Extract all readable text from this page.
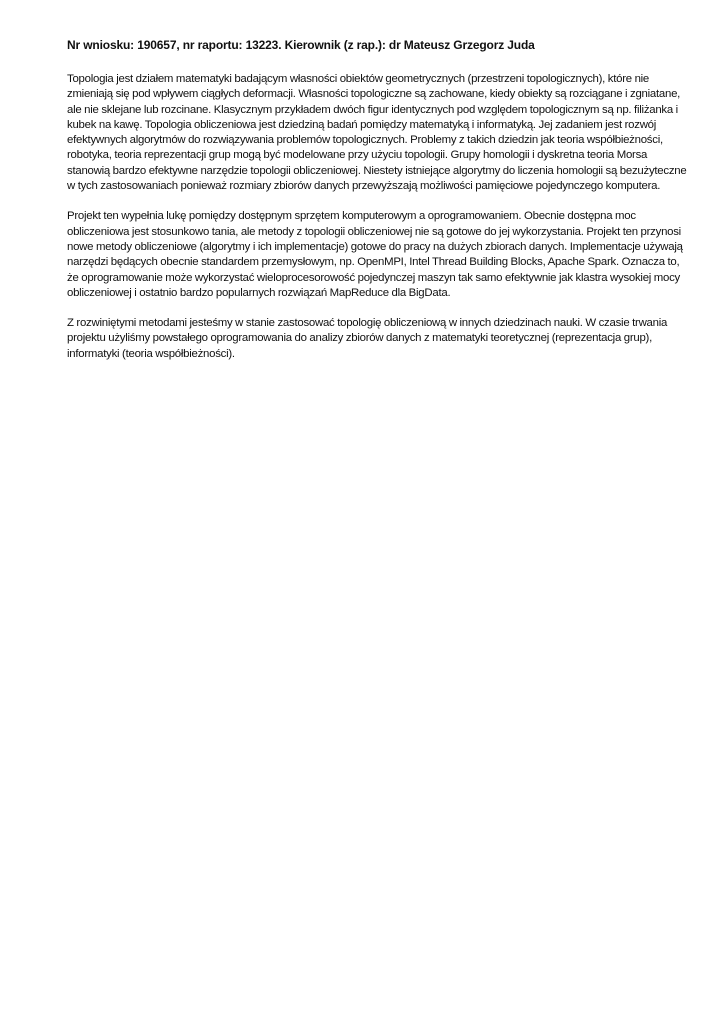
Nr wniosku: 190657, nr raportu: 13223. Kierownik (z rap.): dr Mateusz Grzegorz Juda

Topologia jest działem matematyki badającym własności obiektów geometrycznych (przestrzeni topologicznych), które nie zmieniają się pod wpływem ciągłych deformacji. Własności topologiczne są zachowane, kiedy obiekty są rozciągane i zgniatane, ale nie sklejane lub rozcinane. Klasycznym przykładem dwóch figur identycznych pod względem topologicznym są np. filiżanka i kubek na kawę. Topologia obliczeniowa jest dziedziną badań pomiędzy matematyką i informatyką. Jej zadaniem jest rozwój efektywnych algorytmów do rozwiązywania problemów topologicznych. Problemy z takich dziedzin jak teoria współbieżności, robotyka, teoria reprezentacji grup mogą być modelowane przy użyciu topologii. Grupy homologii i dyskretna teoria Morsa stanowią bardzo efektywne narzędzie topologii obliczeniowej. Niestety istniejące algorytmy do liczenia homologii są bezużyteczne w tych zastosowaniach ponieważ rozmiary zbiorów danych przewyższają możliwości pamięciowe pojedynczego komputera.

Projekt ten wypełnia lukę pomiędzy dostępnym sprzętem komputerowym a oprogramowaniem. Obecnie dostępna moc obliczeniowa jest stosunkowo tania, ale metody z topologii obliczeniowej nie są gotowe do jej wykorzystania. Projekt ten przynosi nowe metody obliczeniowe (algorytmy i ich implementacje) gotowe do pracy na dużych zbiorach danych. Implementacje używają narzędzi będących obecnie standardem przemysłowym, np. OpenMPI, Intel Thread Building Blocks, Apache Spark. Oznacza to, że oprogramowanie może wykorzystać wieloprocesorowość pojedynczej maszyn tak samo efektywnie jak klastra wysokiej mocy obliczeniowej i ostatnio bardzo popularnych rozwiązań MapReduce dla BigData.

Z rozwiniętymi metodami jesteśmy w stanie zastosować topologię obliczeniową w innych dziedzinach nauki. W czasie trwania projektu użyliśmy powstałego oprogramowania do analizy zbiorów danych z matematyki teoretycznej (reprezentacja grup), informatyki (teoria współbieżności).
